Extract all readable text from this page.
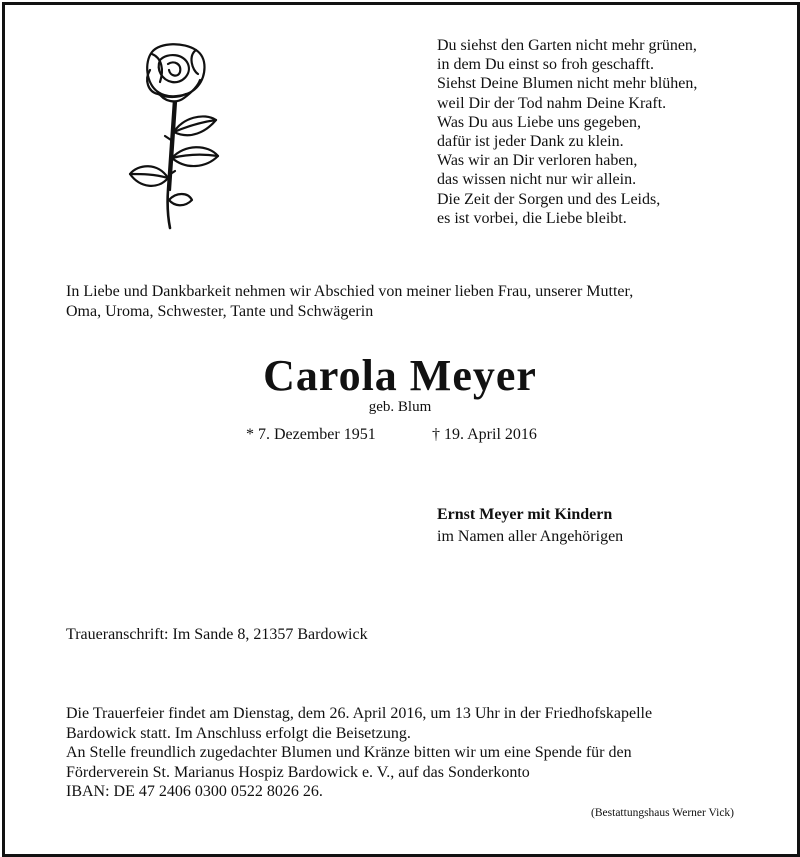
Du siehst den Garten nicht mehr grünen,
in dem Du einst so froh geschafft.
Siehst Deine Blumen nicht mehr blühen,
weil Dir der Tod nahm Deine Kraft.
Was Du aus Liebe uns gegeben,
dafür ist jeder Dank zu klein.
Was wir an Dir verloren haben,
das wissen nicht nur wir allein.
Die Zeit der Sorgen und des Leids,
es ist vorbei, die Liebe bleibt.
In Liebe und Dankbarkeit nehmen wir Abschied von meiner lieben Frau, unserer Mutter,
Oma, Uroma, Schwester, Tante und Schwägerin
Carola Meyer
geb. Blum
* 7. Dezember 1951	† 19. April 2016
Ernst Meyer mit Kindern
im Namen aller Angehörigen
Traueranschrift: Im Sande 8, 21357 Bardowick
Die Trauerfeier findet am Dienstag, dem 26. April 2016, um 13 Uhr in der Friedhofskapelle
Bardowick statt. Im Anschluss erfolgt die Beisetzung.
An Stelle freundlich zugedachter Blumen und Kränze bitten wir um eine Spende für den
Förderverein St. Marianus Hospiz Bardowick e. V., auf das Sonderkonto
IBAN: DE 47 2406 0300 0522 8026 26.
(Bestattungshaus Werner Vick)
